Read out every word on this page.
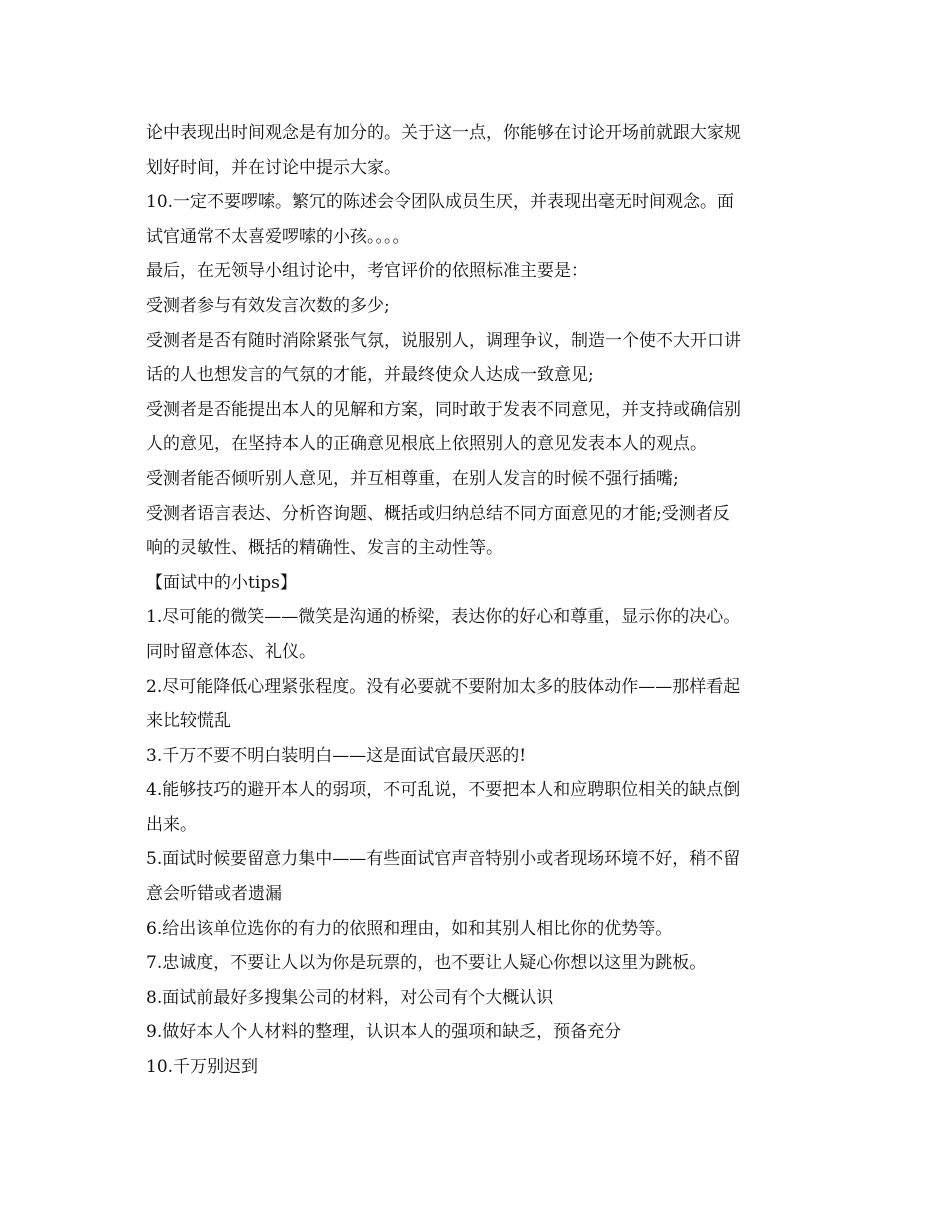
论中表现出时间观念是有加分的。关于这一点，你能够在讨论开场前就跟大家规
划好时间，并在讨论中提示大家。
10.一定不要啰嗦。繁冗的陈述会令团队成员生厌，并表现出毫无时间观念。面
试官通常不太喜爱啰嗦的小孩。。。。
最后，在无领导小组讨论中，考官评价的依照标准主要是：
受测者参与有效发言次数的多少;
受测者是否有随时消除紧张气氛，说服别人，调理争议，制造一个使不大开口讲
话的人也想发言的气氛的才能，并最终使众人达成一致意见;
受测者是否能提出本人的见解和方案，同时敢于发表不同意见，并支持或确信别
人的意见，在坚持本人的正确意见根底上依照别人的意见发表本人的观点。
受测者能否倾听别人意见，并互相尊重，在别人发言的时候不强行插嘴;
受测者语言表达、分析咨询题、概括或归纳总结不同方面意见的才能;受测者反
响的灵敏性、概括的精确性、发言的主动性等。
【面试中的小tips】
1.尽可能的微笑——微笑是沟通的桥梁，表达你的好心和尊重，显示你的决心。
同时留意体态、礼仪。
2.尽可能降低心理紧张程度。没有必要就不要附加太多的肢体动作——那样看起
来比较慌乱
3.千万不要不明白装明白——这是面试官最厌恶的!
4.能够技巧的避开本人的弱项，不可乱说，不要把本人和应聘职位相关的缺点倒
出来。
5.面试时候要留意力集中——有些面试官声音特别小或者现场环境不好，稍不留
意会听错或者遗漏
6.给出该单位选你的有力的依照和理由，如和其别人相比你的优势等。
7.忠诚度，不要让人以为你是玩票的，也不要让人疑心你想以这里为跳板。
8.面试前最好多搜集公司的材料，对公司有个大概认识
9.做好本人个人材料的整理，认识本人的强项和缺乏，预备充分
10.千万别迟到
